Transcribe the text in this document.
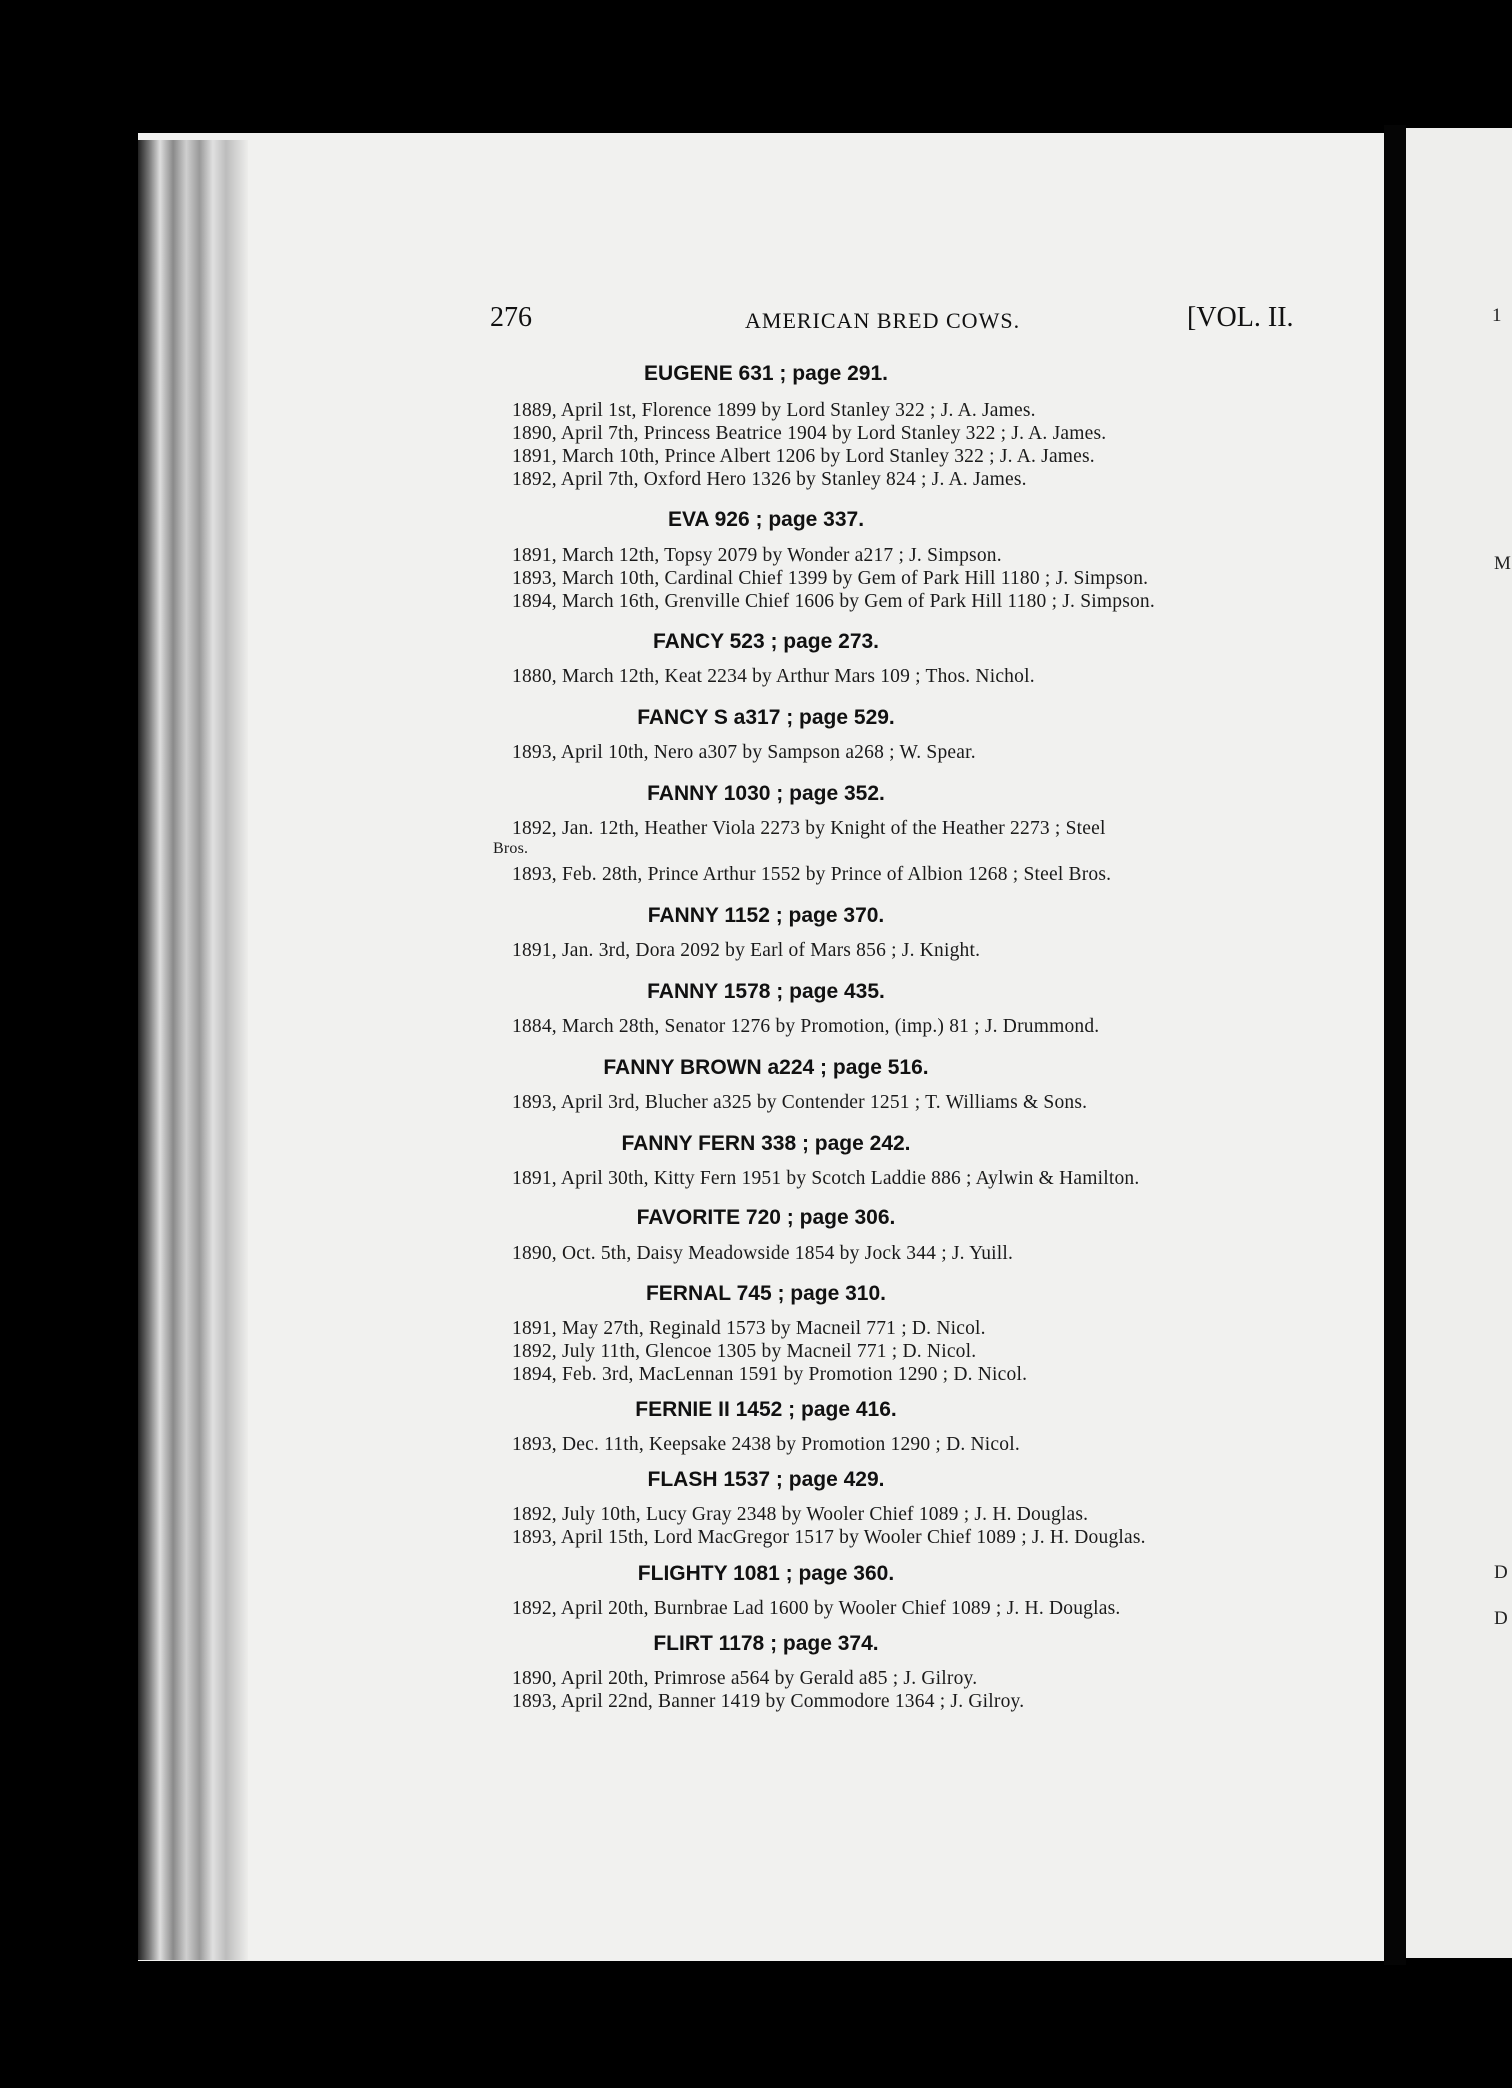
1
M
D
D
276	AMERICAN BRED COWS.	[VOL. II.
EUGENE 631 ; page 291.
1889, April 1st, Florence 1899 by Lord Stanley 322 ; J. A. James.
1890, April 7th, Princess Beatrice 1904 by Lord Stanley 322 ; J. A. James.
1891, March 10th, Prince Albert 1206 by Lord Stanley 322 ; J. A. James.
1892, April 7th, Oxford Hero 1326 by Stanley 824 ; J. A. James.
EVA 926 ; page 337.
1891, March 12th, Topsy 2079 by Wonder a217 ; J. Simpson.
1893, March 10th, Cardinal Chief 1399 by Gem of Park Hill 1180 ; J. Simpson.
1894, March 16th, Grenville Chief 1606 by Gem of Park Hill 1180 ; J. Simpson.
FANCY 523 ; page 273.
1880, March 12th, Keat 2234 by Arthur Mars 109 ; Thos. Nichol.
FANCY S a317 ; page 529.
1893, April 10th, Nero a307 by Sampson a268 ; W. Spear.
FANNY 1030 ; page 352.
1892, Jan. 12th, Heather Viola 2273 by Knight of the Heather 2273 ; Steel
Bros.
1893, Feb. 28th, Prince Arthur 1552 by Prince of Albion 1268 ; Steel Bros.
FANNY 1152 ; page 370.
1891, Jan. 3rd, Dora 2092 by Earl of Mars 856 ; J. Knight.
FANNY 1578 ; page 435.
1884, March 28th, Senator 1276 by Promotion, (imp.) 81 ; J. Drummond.
FANNY BROWN a224 ; page 516.
1893, April 3rd, Blucher a325 by Contender 1251 ; T. Williams & Sons.
FANNY FERN 338 ; page 242.
1891, April 30th, Kitty Fern 1951 by Scotch Laddie 886 ; Aylwin & Hamilton.
FAVORITE 720 ; page 306.
1890, Oct. 5th, Daisy Meadowside 1854 by Jock 344 ; J. Yuill.
FERNAL 745 ; page 310.
1891, May 27th, Reginald 1573 by Macneil 771 ; D. Nicol.
1892, July 11th, Glencoe 1305 by Macneil 771 ; D. Nicol.
1894, Feb. 3rd, MacLennan 1591 by Promotion 1290 ; D. Nicol.
FERNIE II 1452 ; page 416.
1893, Dec. 11th, Keepsake 2438 by Promotion 1290 ; D. Nicol.
FLASH 1537 ; page 429.
1892, July 10th, Lucy Gray 2348 by Wooler Chief 1089 ; J. H. Douglas.
1893, April 15th, Lord MacGregor 1517 by Wooler Chief 1089 ; J. H. Douglas.
FLIGHTY 1081 ; page 360.
1892, April 20th, Burnbrae Lad 1600 by Wooler Chief 1089 ; J. H. Douglas.
FLIRT 1178 ; page 374.
1890, April 20th, Primrose a564 by Gerald a85 ; J. Gilroy.
1893, April 22nd, Banner 1419 by Commodore 1364 ; J. Gilroy.
